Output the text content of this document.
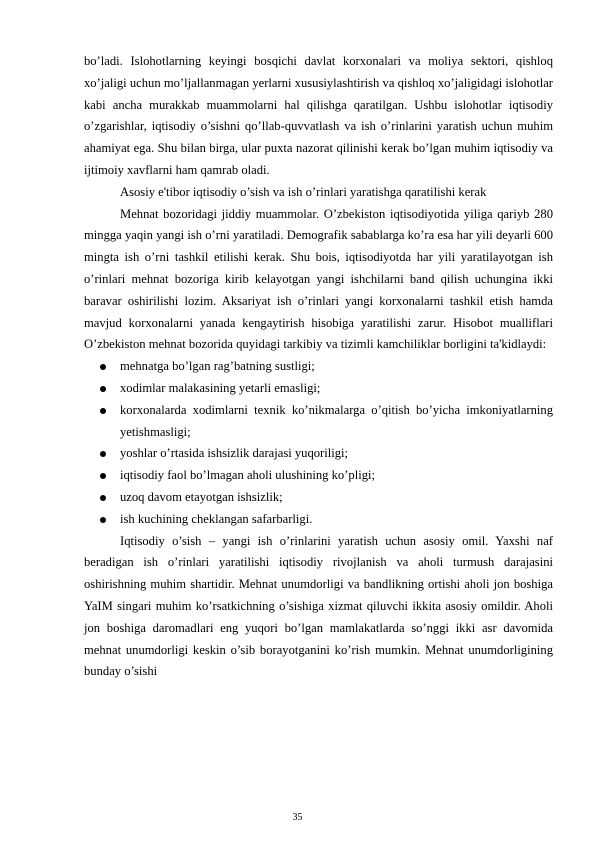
bo’ladi. Islohotlarning keyingi bosqichi davlat korxonalari va moliya sektori, qishloq xo’jaligi uchun mo’ljallanmagan yerlarni xususiylashtirish va qishloq xo’jaligidagi islohotlar kabi ancha murakkab muammolarni hal qilishga qaratilgan. Ushbu islohotlar iqtisodiy o’zgarishlar, iqtisodiy o’sishni qo’llab-quvvatlash va ish o’rinlarini yaratish uchun muhim ahamiyat ega. Shu bilan birga, ular puxta nazorat qilinishi kerak bo’lgan muhim iqtisodiy va ijtimoiy xavflarni ham qamrab oladi.

Asosiy e'tibor iqtisodiy o’sish va ish o’rinlari yaratishga qaratilishi kerak

Mehnat bozoridagi jiddiy muammolar. O’zbekiston iqtisodiyotida yiliga qariyb 280 mingga yaqin yangi ish o’rni yaratiladi. Demografik sabablarga ko’ra esa har yili deyarli 600 mingta ish o’rni tashkil etilishi kerak. Shu bois, iqtisodiyotda har yili yaratilayotgan ish o’rinlari mehnat bozoriga kirib kelayotgan yangi ishchilarni band qilish uchungina ikki baravar oshirilishi lozim. Aksariyat ish o’rinlari yangi korxonalarni tashkil etish hamda mavjud korxonalarni yanada kengaytirish hisobiga yaratilishi zarur. Hisobot mualliflari O’zbekiston mehnat bozorida quyidagi tarkibiy va tizimli kamchiliklar borligini ta'kidlaydi:

mehnatga bo’lgan rag’batning sustligi;
xodimlar malakasining yetarli emasligi;
korxonalarda xodimlarni texnik ko’nikmalarga o’qitish bo’yicha imkoniyatlarning yetishmasligi;
yoshlar o’rtasida ishsizlik darajasi yuqoriligi;
iqtisodiy faol bo’lmagan aholi ulushining ko’pligi;
uzoq davom etayotgan ishsizlik;
ish kuchining cheklangan safarbarligi.

Iqtisodiy o’sish – yangi ish o’rinlarini yaratish uchun asosiy omil. Yaxshi naf beradigan ish o’rinlari yaratilishi iqtisodiy rivojlanish va aholi turmush darajasini oshirishning muhim shartidir. Mehnat unumdorligi va bandlikning ortishi aholi jon boshiga YaIM singari muhim ko’rsatkichning o’sishiga xizmat qiluvchi ikkita asosiy omildir. Aholi jon boshiga daromadlari eng yuqori bo’lgan mamlakatlarda so’nggi ikki asr davomida mehnat unumdorligi keskin o’sib borayotganini ko’rish mumkin. Mehnat unumdorligining bunday o’sishi

35
